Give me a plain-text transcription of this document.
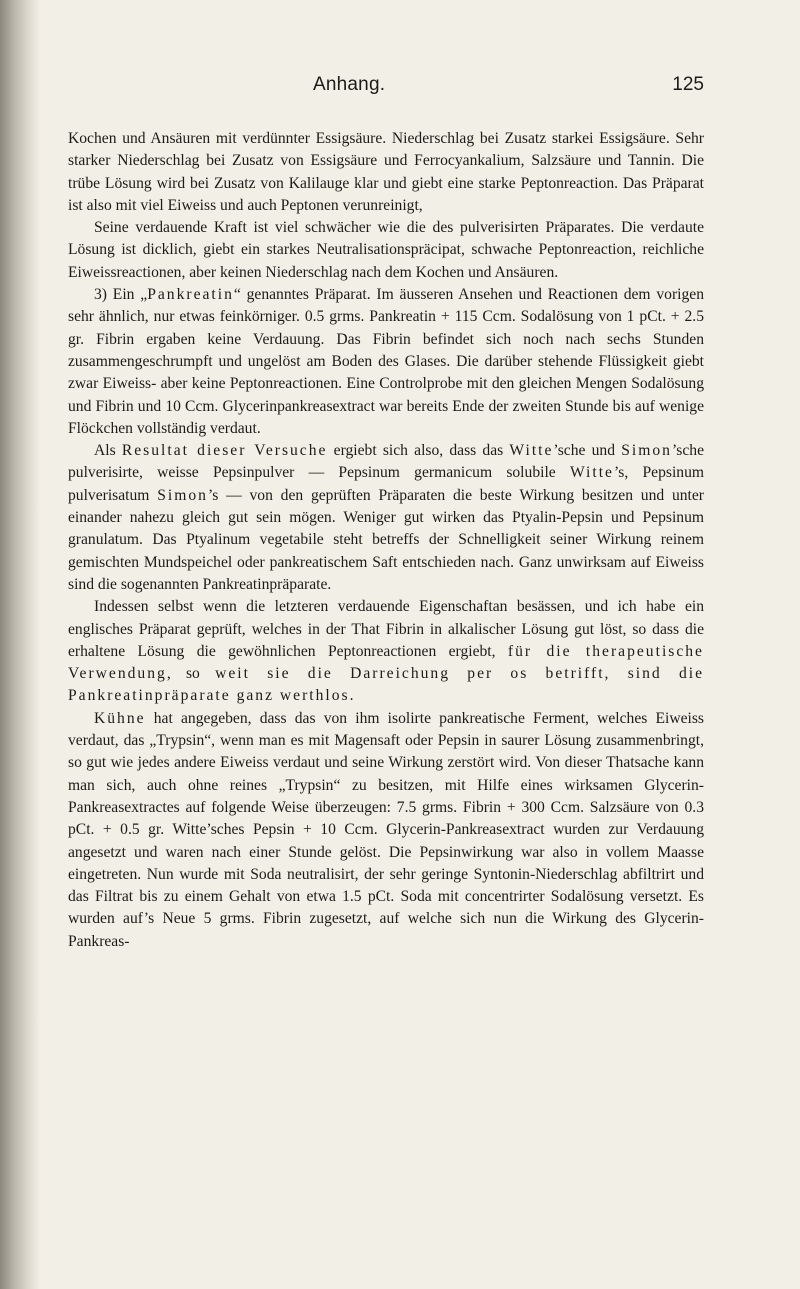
Anhang.	125

Kochen und Ansäuren mit verdünnter Essigsäure. Niederschlag bei Zusatz starkei Essigsäure. Sehr starker Niederschlag bei Zusatz von Essigsäure und Ferrocyankalium, Salzsäure und Tannin. Die trübe Lösung wird bei Zusatz von Kalilauge klar und giebt eine starke Peptonreaction. Das Präparat ist also mit viel Eiweiss und auch Peptonen verunreinigt,

Seine verdauende Kraft ist viel schwächer wie die des pulverisirten Präparates. Die verdaute Lösung ist dicklich, giebt ein starkes Neutralisationspräcipat, schwache Peptonreaction, reichliche Eiweissreactionen, aber keinen Niederschlag nach dem Kochen und Ansäuren.

3) Ein „Pankreatin“ genanntes Präparat. Im äusseren Ansehen und Reactionen dem vorigen sehr ähnlich, nur etwas feinkörniger. 0.5 grms. Pankreatin + 115 Ccm. Sodalösung von 1 pCt. + 2.5 gr. Fibrin ergaben keine Verdauung. Das Fibrin befindet sich noch nach sechs Stunden zusammengeschrumpft und ungelöst am Boden des Glases. Die darüber stehende Flüssigkeit giebt zwar Eiweiss- aber keine Peptonreactionen. Eine Controlprobe mit den gleichen Mengen Sodalösung und Fibrin und 10 Ccm. Glycerinpankreasextract war bereits Ende der zweiten Stunde bis auf wenige Flöckchen vollständig verdaut.

Als Resultat dieser Versuche ergiebt sich also, dass das Witte’sche und Simon’sche pulverisirte, weisse Pepsinpulver — Pepsinum germanicum solubile Witte’s, Pepsinum pulverisatum Simon’s — von den geprüften Präparaten die beste Wirkung besitzen und unter einander nahezu gleich gut sein mögen. Weniger gut wirken das Ptyalin-Pepsin und Pepsinum granulatum. Das Ptyalinum vegetabile steht betreffs der Schnelligkeit seiner Wirkung reinem gemischten Mundspeichel oder pankreatischem Saft entschieden nach. Ganz unwirksam auf Eiweiss sind die sogenannten Pankreatinpräparate.

Indessen selbst wenn die letzteren verdauende Eigenschaftan besässen, und ich habe ein englisches Präparat geprüft, welches in der That Fibrin in alkalischer Lösung gut löst, so dass die erhaltene Lösung die gewöhnlichen Peptonreactionen ergiebt, für die therapeutische Verwendung, so weit sie die Darreichung per os betrifft, sind die Pankreatinpräparate ganz werthlos.

Kühne hat angegeben, dass das von ihm isolirte pankreatische Ferment, welches Eiweiss verdaut, das „Trypsin“, wenn man es mit Magensaft oder Pepsin in saurer Lösung zusammenbringt, so gut wie jedes andere Eiweiss verdaut und seine Wirkung zerstört wird. Von dieser Thatsache kann man sich, auch ohne reines „Trypsin“ zu besitzen, mit Hilfe eines wirksamen Glycerin-Pankreasextractes auf folgende Weise überzeugen: 7.5 grms. Fibrin + 300 Ccm. Salzsäure von 0.3 pCt. + 0.5 gr. Witte’sches Pepsin + 10 Ccm. Glycerin-Pankreasextract wurden zur Verdauung angesetzt und waren nach einer Stunde gelöst. Die Pepsinwirkung war also in vollem Maasse eingetreten. Nun wurde mit Soda neutralisirt, der sehr geringe Syntonin-Niederschlag abfiltrirt und das Filtrat bis zu einem Gehalt von etwa 1.5 pCt. Soda mit concentrirter Sodalösung versetzt. Es wurden auf’s Neue 5 grms. Fibrin zugesetzt, auf welche sich nun die Wirkung des Glycerin-Pankreas-
